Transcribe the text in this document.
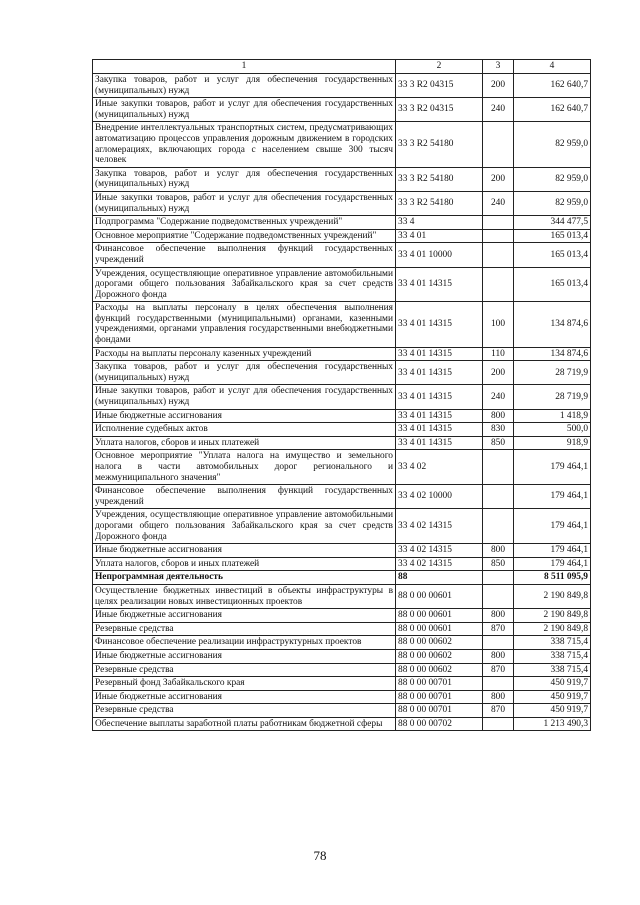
1	2	3	4
Закупка товаров, работ и услуг для обеспечения государственных (муниципальных) нужд	33 3 R2 04315	200	162 640,7
Иные закупки товаров, работ и услуг для обеспечения государственных (муниципальных) нужд	33 3 R2 04315	240	162 640,7
Внедрение интеллектуальных транспортных систем, предусматривающих автоматизацию процессов управления дорожным движением в городских агломерациях, включающих города с населением свыше 300 тысяч человек	33 3 R2 54180		82 959,0
Закупка товаров, работ и услуг для обеспечения государственных (муниципальных) нужд	33 3 R2 54180	200	82 959,0
Иные закупки товаров, работ и услуг для обеспечения государственных (муниципальных) нужд	33 3 R2 54180	240	82 959,0
Подпрограмма "Содержание подведомственных учреждений"	33 4		344 477,5
Основное мероприятие "Содержание подведомственных учреждений"	33 4 01		165 013,4
Финансовое обеспечение выполнения функций государственных учреждений	33 4 01 10000		165 013,4
Учреждения, осуществляющие оперативное управление автомобильными дорогами общего пользования Забайкальского края за счет средств Дорожного фонда	33 4 01 14315		165 013,4
Расходы на выплаты персоналу в целях обеспечения выполнения функций государственными (муниципальными) органами, казенными учреждениями, органами управления государственными внебюджетными фондами	33 4 01 14315	100	134 874,6
Расходы на выплаты персоналу казенных учреждений	33 4 01 14315	110	134 874,6
Закупка товаров, работ и услуг для обеспечения государственных (муниципальных) нужд	33 4 01 14315	200	28 719,9
Иные закупки товаров, работ и услуг для обеспечения государственных (муниципальных) нужд	33 4 01 14315	240	28 719,9
Иные бюджетные ассигнования	33 4 01 14315	800	1 418,9
Исполнение судебных актов	33 4 01 14315	830	500,0
Уплата налогов, сборов и иных платежей	33 4 01 14315	850	918,9
Основное мероприятие "Уплата налога на имущество и земельного налога в части автомобильных дорог регионального и межмуниципального значения"	33 4 02		179 464,1
Финансовое обеспечение выполнения функций государственных учреждений	33 4 02 10000		179 464,1
Учреждения, осуществляющие оперативное управление автомобильными дорогами общего пользования Забайкальского края за счет средств Дорожного фонда	33 4 02 14315		179 464,1
Иные бюджетные ассигнования	33 4 02 14315	800	179 464,1
Уплата налогов, сборов и иных платежей	33 4 02 14315	850	179 464,1
Непрограммная деятельность	88		8 511 095,9
Осуществление бюджетных инвестиций в объекты инфраструктуры в целях реализации новых инвестиционных проектов	88 0 00 00601		2 190 849,8
Иные бюджетные ассигнования	88 0 00 00601	800	2 190 849,8
Резервные средства	88 0 00 00601	870	2 190 849,8
Финансовое обеспечение реализации инфраструктурных проектов	88 0 00 00602		338 715,4
Иные бюджетные ассигнования	88 0 00 00602	800	338 715,4
Резервные средства	88 0 00 00602	870	338 715,4
Резервный фонд Забайкальского края	88 0 00 00701		450 919,7
Иные бюджетные ассигнования	88 0 00 00701	800	450 919,7
Резервные средства	88 0 00 00701	870	450 919,7
Обеспечение выплаты заработной платы работникам бюджетной сферы	88 0 00 00702		1 213 490,3
78
